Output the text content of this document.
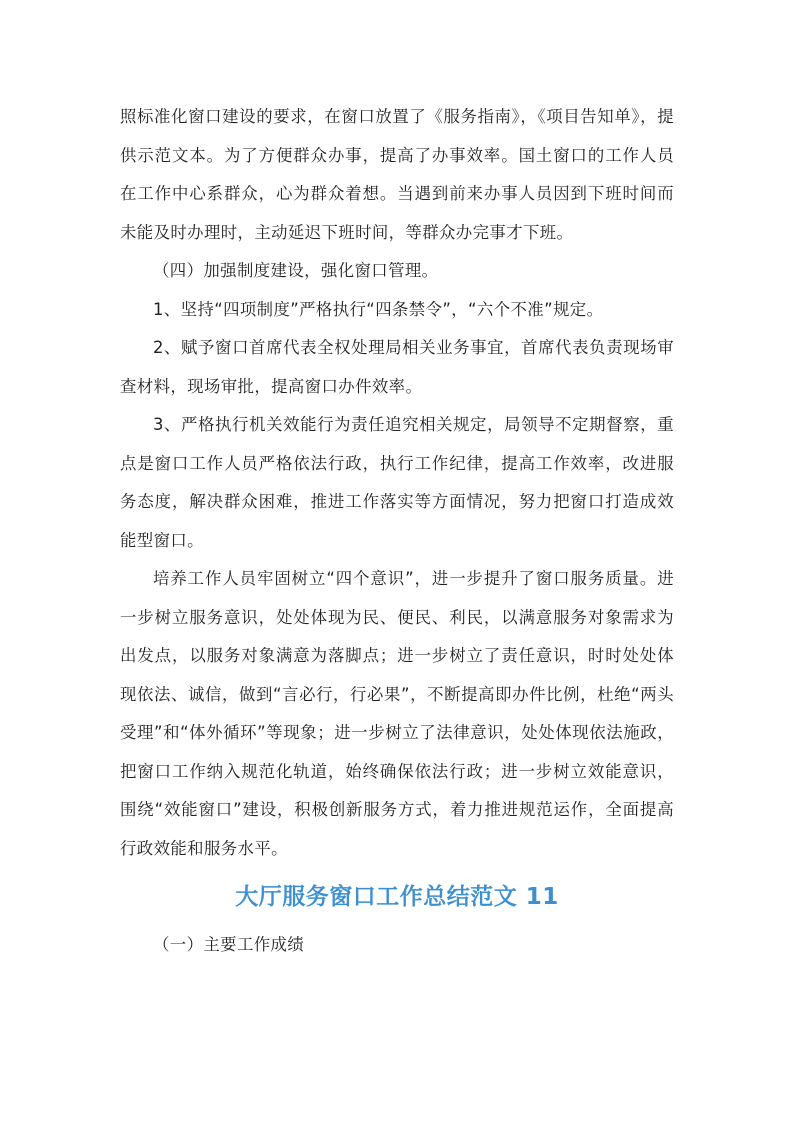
照标准化窗口建设的要求，在窗口放置了《服务指南》，《项目告知单》，提供示范文本。为了方便群众办事，提高了办事效率。国土窗口的工作人员在工作中心系群众，心为群众着想。当遇到前来办事人员因到下班时间而未能及时办理时，主动延迟下班时间，等群众办完事才下班。

（四）加强制度建设，强化窗口管理。

1、坚持“四项制度”严格执行“四条禁令”，“六个不准”规定。

2、赋予窗口首席代表全权处理局相关业务事宜，首席代表负责现场审查材料，现场审批，提高窗口办件效率。

3、严格执行机关效能行为责任追究相关规定，局领导不定期督察，重点是窗口工作人员严格依法行政，执行工作纪律，提高工作效率，改进服务态度，解决群众困难，推进工作落实等方面情况，努力把窗口打造成效能型窗口。

培养工作人员牢固树立“四个意识”，进一步提升了窗口服务质量。进一步树立服务意识，处处体现为民、便民、利民，以满意服务对象需求为出发点，以服务对象满意为落脚点；进一步树立了责任意识，时时处处体现依法、诚信，做到“言必行，行必果”，不断提高即办件比例，杜绝“两头受理”和“体外循环”等现象；进一步树立了法律意识，处处体现依法施政，把窗口工作纳入规范化轨道，始终确保依法行政；进一步树立效能意识，围绕“效能窗口”建设，积极创新服务方式，着力推进规范运作，全面提高行政效能和服务水平。

大厅服务窗口工作总结范文 11

（一）主要工作成绩
